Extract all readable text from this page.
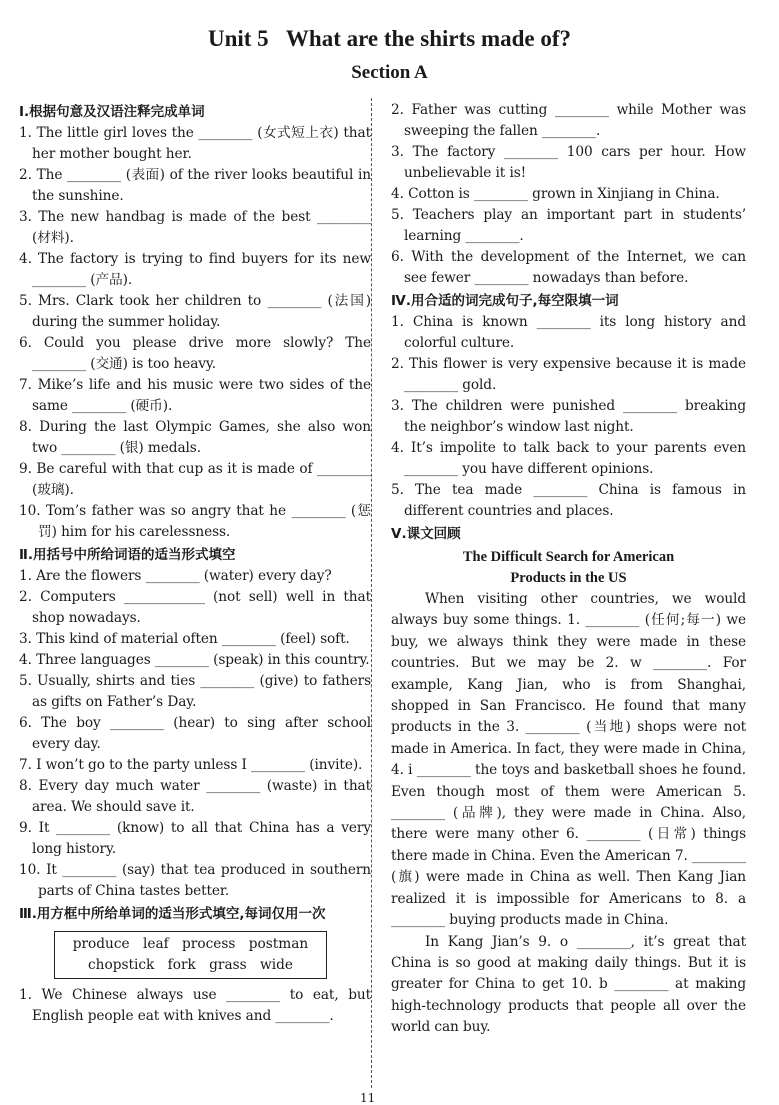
Unit 5   What are the shirts made of?
Section A
Ⅰ.根据句意及汉语注释完成单词
1. The little girl loves the ________ (女式短上衣) that her mother bought her.
2. The ________ (表面) of the river looks beautiful in the sunshine.
3. The new handbag is made of the best ________ (材料).
4. The factory is trying to find buyers for its new ________ (产品).
5. Mrs. Clark took her children to ________ (法国) during the summer holiday.
6. Could you please drive more slowly? The ________ (交通) is too heavy.
7. Mike’s life and his music were two sides of the same ________ (硬币).
8. During the last Olympic Games, she also won two ________ (银) medals.
9. Be careful with that cup as it is made of ________ (玻璃).
10. Tom’s father was so angry that he ________ (惩罚) him for his carelessness.
Ⅱ.用括号中所给词语的适当形式填空
1. Are the flowers ________ (water) every day?
2. Computers ____________ (not sell) well in that shop nowadays.
3. This kind of material often ________ (feel) soft.
4. Three languages ________ (speak) in this country.
5. Usually, shirts and ties ________ (give) to fathers as gifts on Father’s Day.
6. The boy ________ (hear) to sing after school every day.
7. I won’t go to the party unless I ________ (invite).
8. Every day much water ________ (waste) in that area. We should save it.
9. It ________ (know) to all that China has a very long history.
10. It ________ (say) that tea produced in southern parts of China tastes better.
Ⅲ.用方框中所给单词的适当形式填空,每词仅用一次
produce leaf process postman
chopstick fork grass wide
1. We Chinese always use ________ to eat, but English people eat with knives and ________.
2. Father was cutting ________ while Mother was sweeping the fallen ________.
3. The factory ________ 100 cars per hour. How unbelievable it is!
4. Cotton is ________ grown in Xinjiang in China.
5. Teachers play an important part in students’ learning ________.
6. With the development of the Internet, we can see fewer ________ nowadays than before.
Ⅳ.用合适的词完成句子,每空限填一词
1. China is known ________ its long history and colorful culture.
2. This flower is very expensive because it is made ________ gold.
3. The children were punished ________ breaking the neighbor’s window last night.
4. It’s impolite to talk back to your parents even ________ you have different opinions.
5. The tea made ________ China is famous in different countries and places.
Ⅴ.课文回顾
The Difficult Search for American
Products in the US
When visiting other countries, we would always buy some things. 1. ________ (任何;每一) we buy, we always think they were made in these countries. But we may be 2. w ________. For example, Kang Jian, who is from Shanghai, shopped in San Francisco. He found that many products in the 3. ________ (当地) shops were not made in America. In fact, they were made in China, 4. i ________ the toys and basketball shoes he found. Even though most of them were American 5. ________ (品牌), they were made in China. Also, there were many other 6. ________ (日常) things there made in China. Even the American 7. ________ (旗) were made in China as well. Then Kang Jian realized it is impossible for Americans to 8. a ________ buying products made in China.
In Kang Jian’s 9. o ________, it’s great that China is so good at making daily things. But it is greater for China to get 10. b ________ at making high-technology products that people all over the world can buy.
11
